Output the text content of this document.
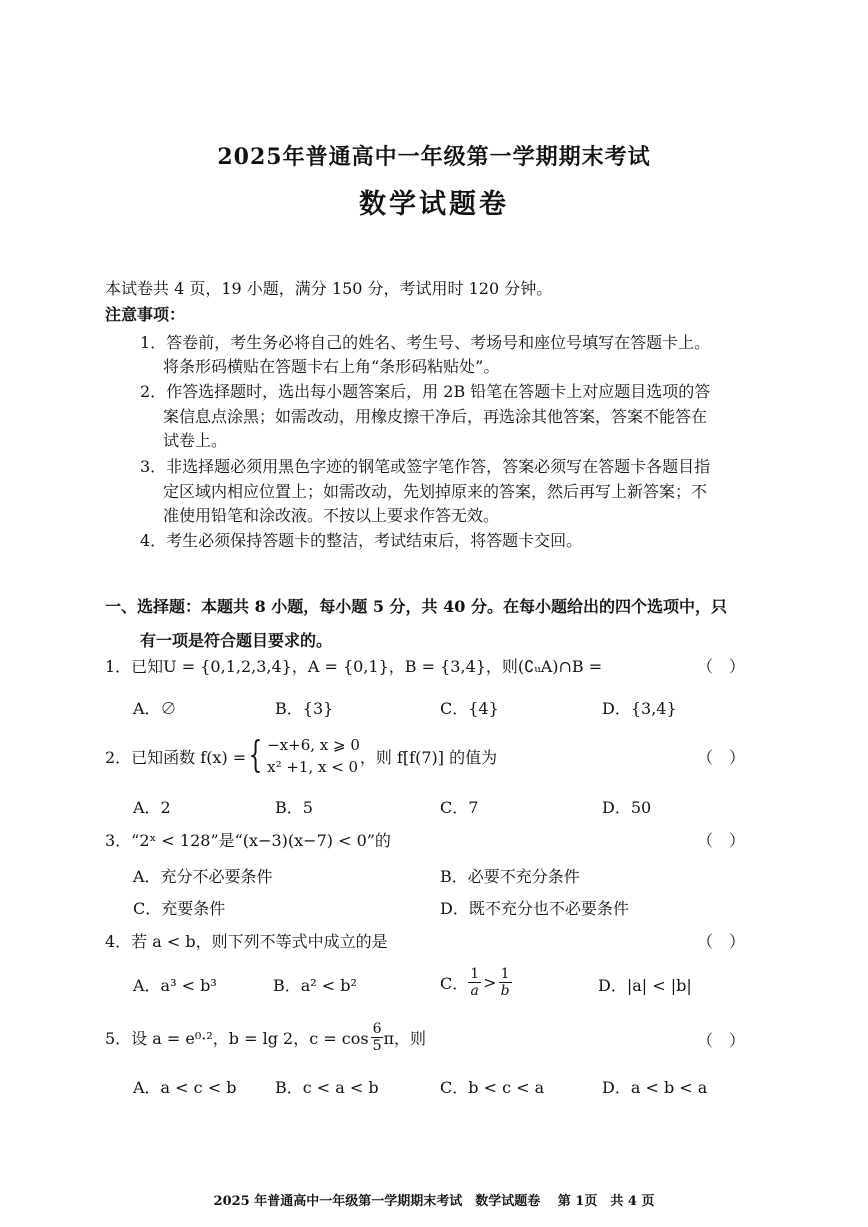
2025年普通高中一年级第一学期期末考试
数学试题卷
本试卷共 4 页，19 小题，满分 150 分，考试用时 120 分钟。
注意事项：
1．答卷前，考生务必将自己的姓名、考生号、考场号和座位号填写在答题卡上。
将条形码横贴在答题卡右上角“条形码粘贴处”。
2．作答选择题时，选出每小题答案后，用 2B 铅笔在答题卡上对应题目选项的答
案信息点涂黑；如需改动，用橡皮擦干净后，再选涂其他答案，答案不能答在
试卷上。
3．非选择题必须用黑色字迹的钢笔或签字笔作答，答案必须写在答题卡各题目指
定区域内相应位置上；如需改动，先划掉原来的答案，然后再写上新答案；不
准使用铅笔和涂改液。不按以上要求作答无效。
4．考生必须保持答题卡的整洁，考试结束后，将答题卡交回。
一、选择题：本题共 8 小题，每小题 5 分，共 40 分。在每小题给出的四个选项中，只
有一项是符合题目要求的。
1．已知U = {0,1,2,3,4}，A = {0,1}，B = {3,4}，则(∁ᵤA)∩B =	（　）
A．∅	B．{3}	C．{4}	D．{3,4}
2．已知函数 f(x) = { −x+6, x ⩾ 0
x² +1, x < 0
，则 f[f(7)] 的值为	（　）
A．2	B．5	C．7	D．50
3．“2ˣ < 128”是“(x−3)(x−7) < 0”的	（　）
A．充分不必要条件	B．必要不充分条件
C．充要条件	D．既不充分也不必要条件
4．若 a < b，则下列不等式中成立的是	（　）
A．a³ < b³	B．a² < b²	C． $\frac{1}{a} > \frac{1}{b}$	D．|a| < |b|
5．设 a = e⁰·²，b = lg 2，$c = \cos \frac{6}{5}$ π，则	（　）
A．a < c < b B．c < a < b	C．b < c < a	D．a < b < a
2025 年普通高中一年级第一学期期末考试　数学试题卷　 第 1页　共 4 页
